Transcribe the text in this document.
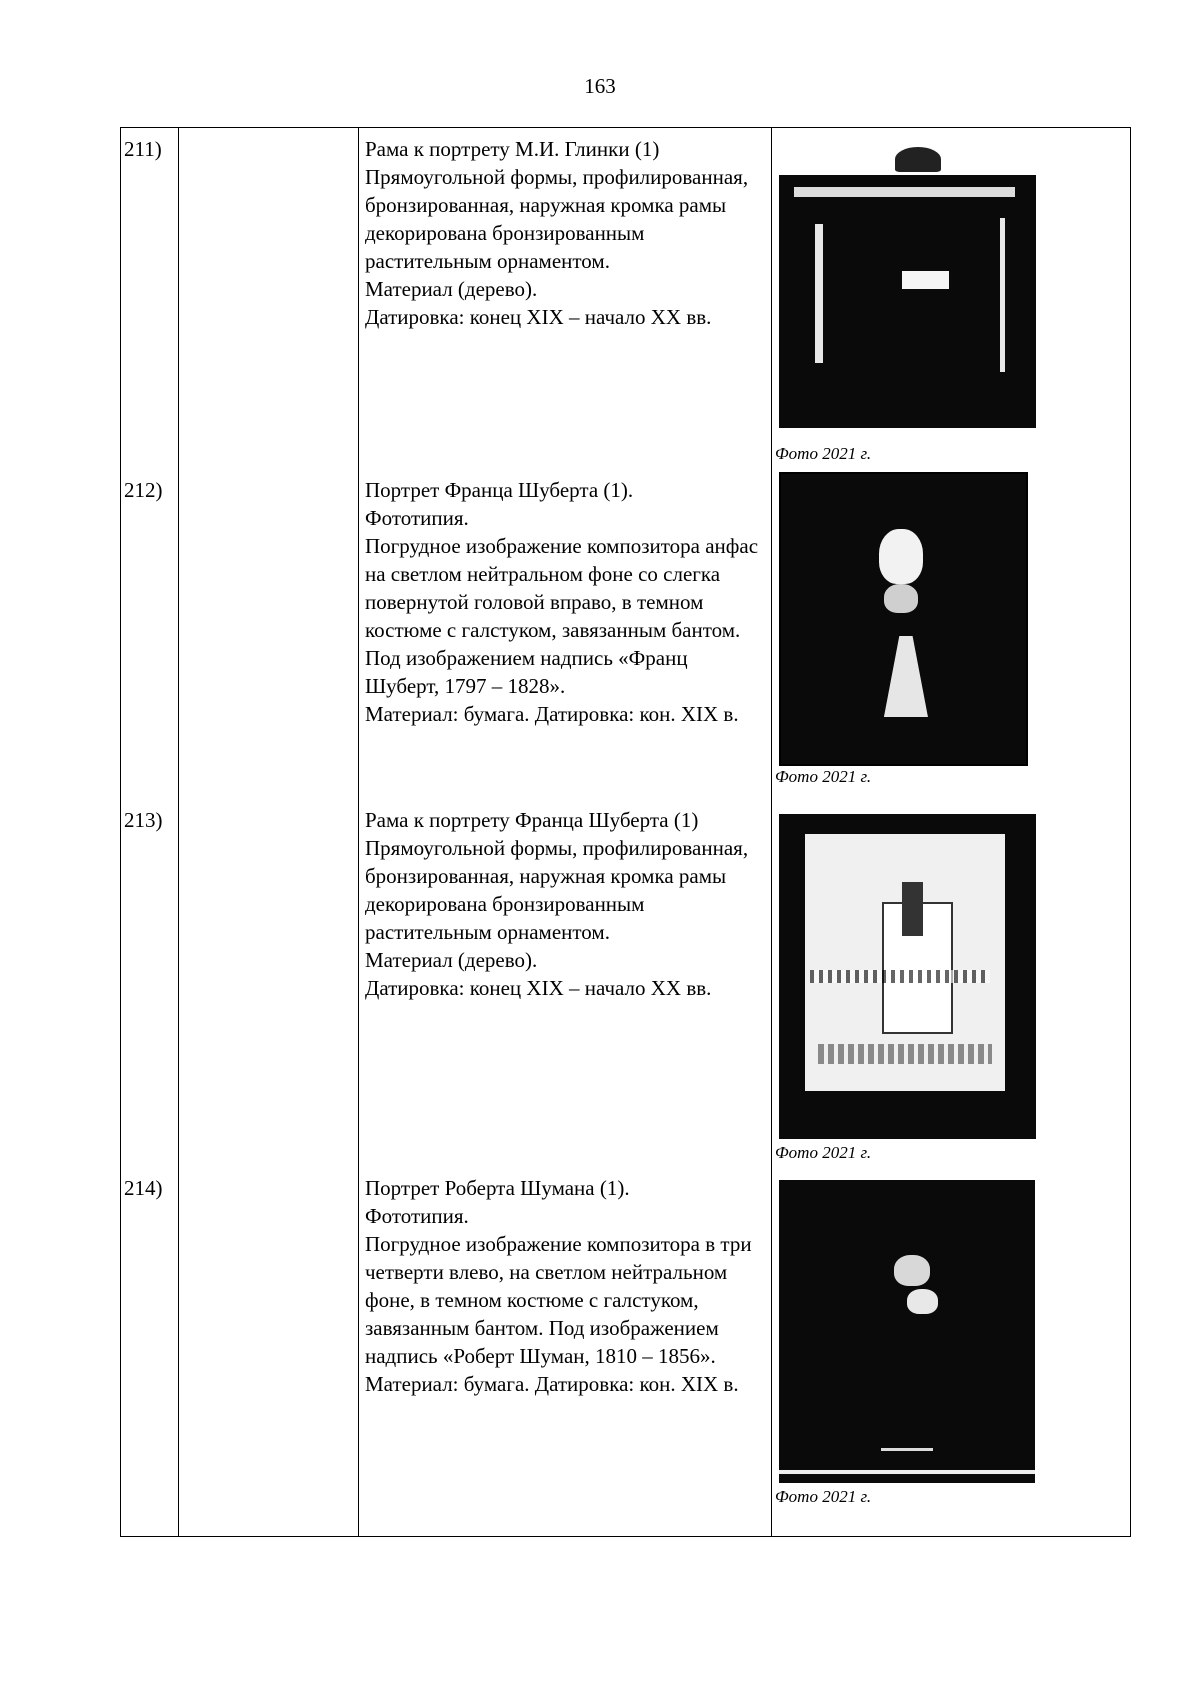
163
211)		Рама к портрету М.И. Глинки (1)

Прямоугольной формы, профилированная, бронзированная, наружная кромка рамы декорирована бронзированным растительным орнаментом.

Материал (дерево).

Датировка: конец XIX – начало XX вв.	Фото 2021 г.

212)		Портрет Франца Шуберта (1).

Фототипия.

Погрудное изображение композитора анфас на светлом нейтральном фоне со слегка повернутой головой вправо, в темном костюме с галстуком, завязанным бантом. Под изображением надпись «Франц Шуберт, 1797 – 1828».

Материал: бумага. Датировка: кон. XIX в.	Фото 2021 г.

213)		Рама к портрету Франца Шуберта (1)

Прямоугольной формы, профилированная, бронзированная, наружная кромка рамы декорирована бронзированным растительным орнаментом.

Материал (дерево).

Датировка: конец XIX – начало XX вв.	Фото 2021 г.

214)		Портрет Роберта Шумана (1).

Фототипия.

Погрудное изображение композитора в три четверти влево, на светлом нейтральном фоне, в темном костюме с галстуком, завязанным бантом. Под изображением надпись «Роберт Шуман, 1810 – 1856».

Материал: бумага. Датировка: кон. XIX в.	Фото 2021 г.
